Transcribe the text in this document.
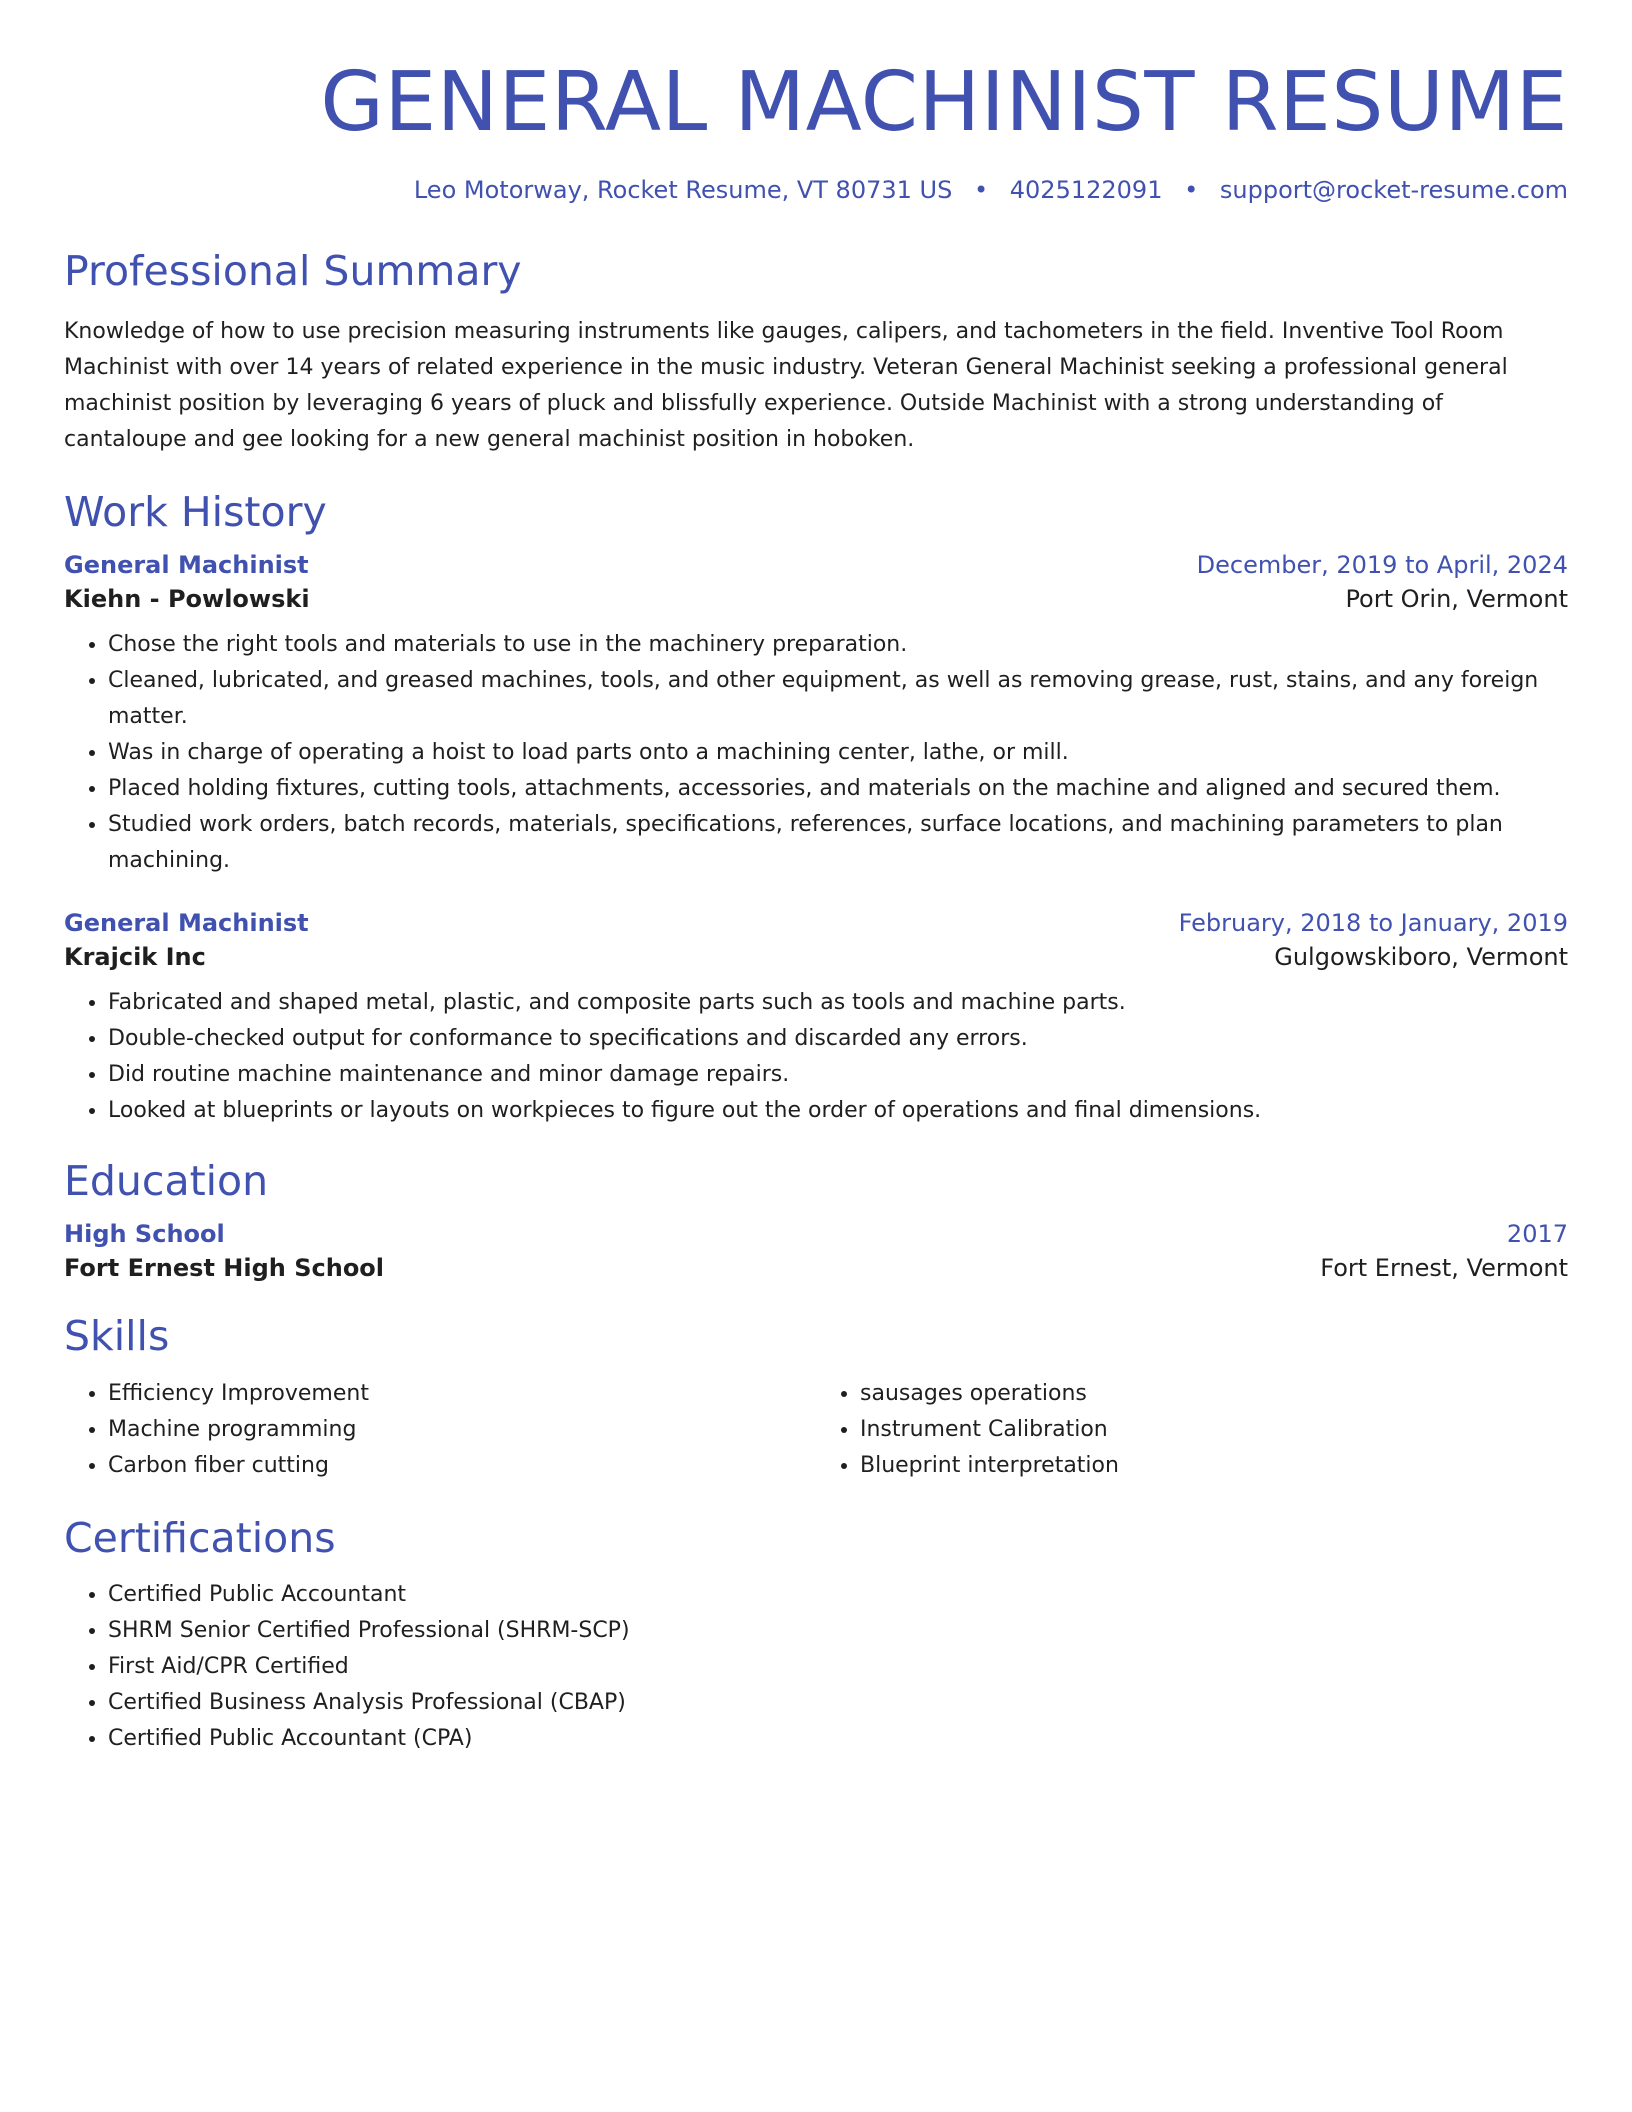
GENERAL MACHINIST RESUME
Leo Motorway, Rocket Resume, VT 80731 US • 4025122091 • support@rocket-resume.com
Professional Summary

Knowledge of how to use precision measuring instruments like gauges, calipers, and tachometers in the field. Inventive Tool Room Machinist with over 14 years of related experience in the music industry. Veteran General Machinist seeking a professional general machinist position by leveraging 6 years of pluck and blissfully experience. Outside Machinist with a strong understanding of cantaloupe and gee looking for a new general machinist position in hoboken.

Work History
General Machinist	December, 2019 to April, 2024
Kiehn - Powlowski	Port Orin, Vermont
• Chose the right tools and materials to use in the machinery preparation.
• Cleaned, lubricated, and greased machines, tools, and other equipment, as well as removing grease, rust, stains, and any foreign matter.
• Was in charge of operating a hoist to load parts onto a machining center, lathe, or mill.
• Placed holding fixtures, cutting tools, attachments, accessories, and materials on the machine and aligned and secured them.
• Studied work orders, batch records, materials, specifications, references, surface locations, and machining parameters to plan machining.
General Machinist	February, 2018 to January, 2019
Krajcik Inc	Gulgowskiboro, Vermont
• Fabricated and shaped metal, plastic, and composite parts such as tools and machine parts.
• Double-checked output for conformance to specifications and discarded any errors.
• Did routine machine maintenance and minor damage repairs.
• Looked at blueprints or layouts on workpieces to figure out the order of operations and final dimensions.
Education
High School	2017
Fort Ernest High School	Fort Ernest, Vermont
Skills
• Efficiency Improvement
• Machine programming
• Carbon fiber cutting
• sausages operations
• Instrument Calibration
• Blueprint interpretation
Certifications
• Certified Public Accountant
• SHRM Senior Certified Professional (SHRM-SCP)
• First Aid/CPR Certified
• Certified Business Analysis Professional (CBAP)
• Certified Public Accountant (CPA)
